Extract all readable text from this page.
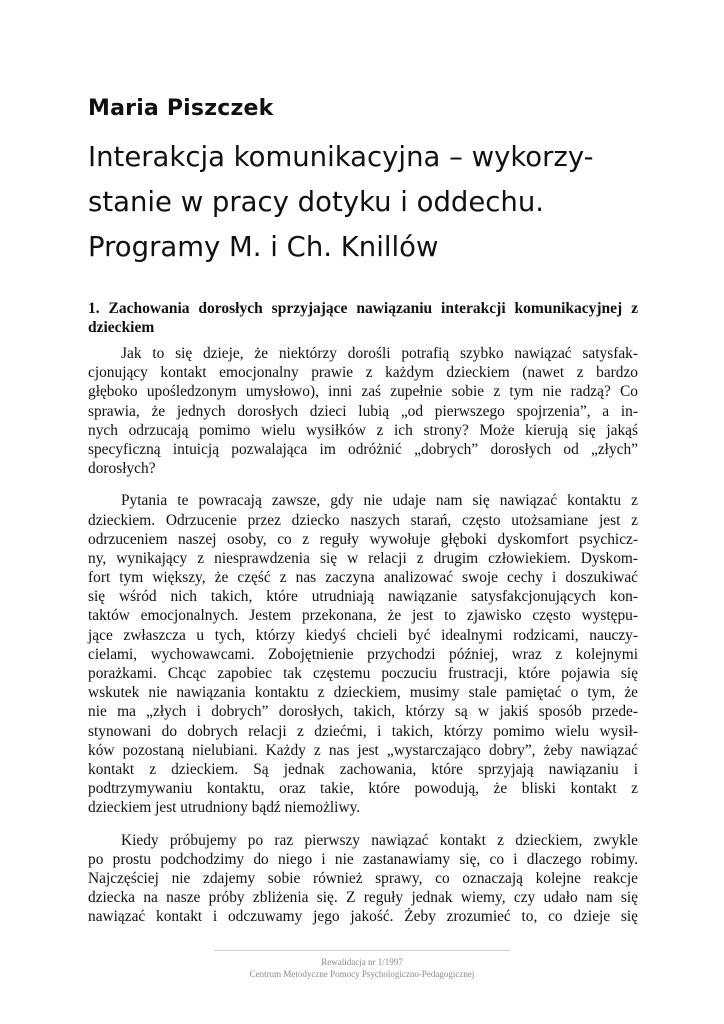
Maria Piszczek
Interakcja komunikacyjna – wykorzy-
stanie w pracy dotyku i oddechu.
Programy M. i Ch. Knillów
1. Zachowania dorosłych sprzyjające nawiązaniu interakcji komunikacyjnej z dzieckiem
Jak to się dzieje, że niektórzy dorośli potrafią szybko nawiązać satysfak-
cjonujący kontakt emocjonalny prawie z każdym dzieckiem (nawet z bardzo
głęboko upośledzonym umysłowo), inni zaś zupełnie sobie z tym nie radzą? Co
sprawia, że jednych dorosłych dzieci lubią „od pierwszego spojrzenia”, a in-
nych odrzucają pomimo wielu wysiłków z ich strony? Może kierują się jakąś
specyficzną intuicją pozwalająca im odróżnić „dobrych” dorosłych od „złych”
dorosłych?
Pytania te powracają zawsze, gdy nie udaje nam się nawiązać kontaktu z
dzieckiem. Odrzucenie przez dziecko naszych starań, często utożsamiane jest z
odrzuceniem naszej osoby, co z reguły wywołuje głęboki dyskomfort psychicz-
ny, wynikający z niesprawdzenia się w relacji z drugim człowiekiem. Dyskom-
fort tym większy, że część z nas zaczyna analizować swoje cechy i doszukiwać
się wśród nich takich, które utrudniają nawiązanie satysfakcjonujących kon-
taktów emocjonalnych. Jestem przekonana, że jest to zjawisko często występu-
jące zwłaszcza u tych, którzy kiedyś chcieli być idealnymi rodzicami, nauczy-
cielami, wychowawcami. Zobojętnienie przychodzi później, wraz z kolejnymi
porażkami. Chcąc zapobiec tak częstemu poczuciu frustracji, które pojawia się
wskutek nie nawiązania kontaktu z dzieckiem, musimy stale pamiętać o tym, że
nie ma „złych i dobrych” dorosłych, takich, którzy są w jakiś sposób przede-
stynowani do dobrych relacji z dziećmi, i takich, którzy pomimo wielu wysił-
ków pozostaną nielubiani. Każdy z nas jest „wystarczająco dobry”, żeby nawiązać
kontakt z dzieckiem. Są jednak zachowania, które sprzyjają nawiązaniu i
podtrzymywaniu kontaktu, oraz takie, które powodują, że bliski kontakt z
dzieckiem jest utrudniony bądź niemożliwy.
Kiedy próbujemy po raz pierwszy nawiązać kontakt z dzieckiem, zwykle
po prostu podchodzimy do niego i nie zastanawiamy się, co i dlaczego robimy.
Najczęściej nie zdajemy sobie również sprawy, co oznaczają kolejne reakcje
dziecka na nasze próby zbliżenia się. Z reguły jednak wiemy, czy udało nam się
nawiązać kontakt i odczuwamy jego jakość. Żeby zrozumieć to, co dzieje się
Rewalidacja nr 1/1997
Centrum Metodyczne Pomocy Psychologiczno-Pedagogicznej
